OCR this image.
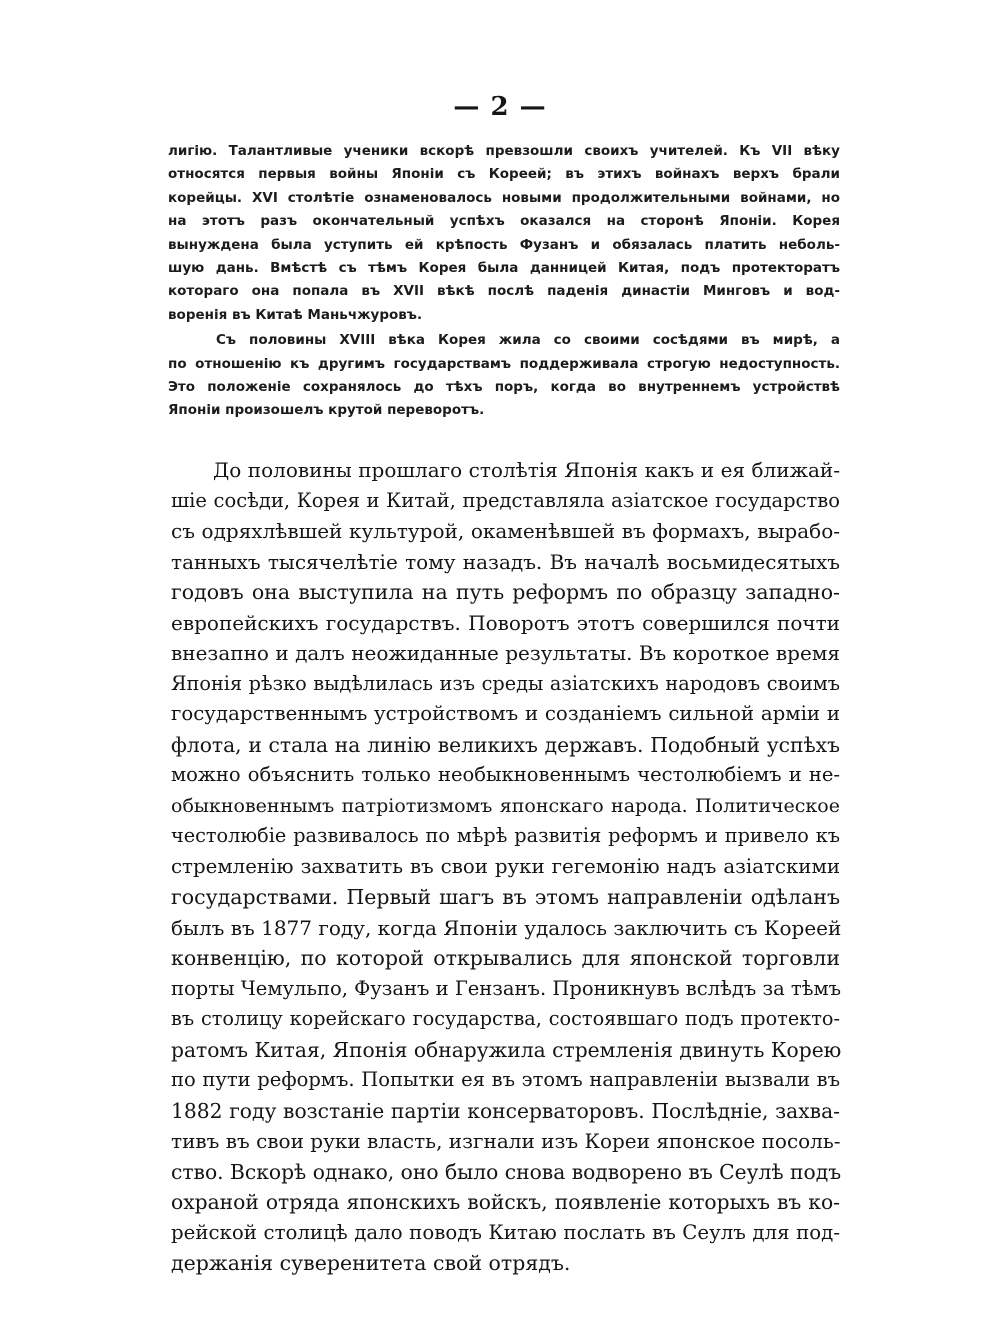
— 2 —

лигію. Талантливые ученики вскорѣ превзошли своихъ учителей. Къ VII вѣку
относятся первыя войны Японіи съ Кореей; въ этихъ войнахъ верхъ брали
корейцы. XVI столѣтіе ознаменовалось новыми продолжительными войнами, но
на этотъ разъ окончательный успѣхъ оказался на сторонѣ Японіи. Корея
вынуждена была уступить ей крѣпость Фузанъ и обязалась платить неболь-
шую дань. Вмѣстѣ съ тѣмъ Корея была данницей Китая, подъ протекторатъ
котораго она попала въ XVII вѣкѣ послѣ паденія династіи Минговъ и вод-
воренія въ Китаѣ Маньчжуровъ.

Съ половины XVIII вѣка Корея жила со своими сосѣдями въ мирѣ, а
по отношенію къ другимъ государствамъ поддерживала строгую недоступность.
Это положеніе сохранялось до тѣхъ поръ, когда во внутреннемъ устройствѣ
Японіи произошелъ крутой переворотъ.

До половины прошлаго столѣтія Японія какъ и ея ближай-
шіе сосѣди, Корея и Китай, представляла азіатское государство
съ одряхлѣвшей культурой, окаменѣвшей въ формахъ, вырабо-
танныхъ тысячелѣтіе тому назадъ. Въ началѣ восьмидесятыхъ
годовъ она выступила на путь реформъ по образцу западно-
европейскихъ государствъ. Поворотъ этотъ совершился почти
внезапно и далъ неожиданные результаты. Въ короткое время
Японія рѣзко выдѣлилась изъ среды азіатскихъ народовъ своимъ
государственнымъ устройствомъ и созданіемъ сильной арміи и
флота, и стала на линію великихъ державъ. Подобный успѣхъ
можно объяснить только необыкновеннымъ честолюбіемъ и не-
обыкновеннымъ патріотизмомъ японскаго народа. Политическое
честолюбіе развивалось по мѣрѣ развитія реформъ и привело къ
стремленію захватить въ свои руки гегемонію надъ азіатскими
государствами. Первый шагъ въ этомъ направленіи одѣланъ
былъ въ 1877 году, когда Японіи удалось заключить съ Кореей
конвенцію, по которой открывались для японской торговли
порты Чемульпо, Фузанъ и Гензанъ. Проникнувъ вслѣдъ за тѣмъ
въ столицу корейскаго государства, состоявшаго подъ протекто-
ратомъ Китая, Японія обнаружила стремленія двинуть Корею
по пути реформъ. Попытки ея въ этомъ направленіи вызвали въ
1882 году возстаніе партіи консерваторовъ. Послѣдніе, захва-
тивъ въ свои руки власть, изгнали изъ Кореи японское посоль-
ство. Вскорѣ однако, оно было снова водворено въ Сеулѣ подъ
охраной отряда японскихъ войскъ, появленіе которыхъ въ ко-
рейской столицѣ дало поводъ Китаю послать въ Сеулъ для под-
держанія суверенитета свой отрядъ.
